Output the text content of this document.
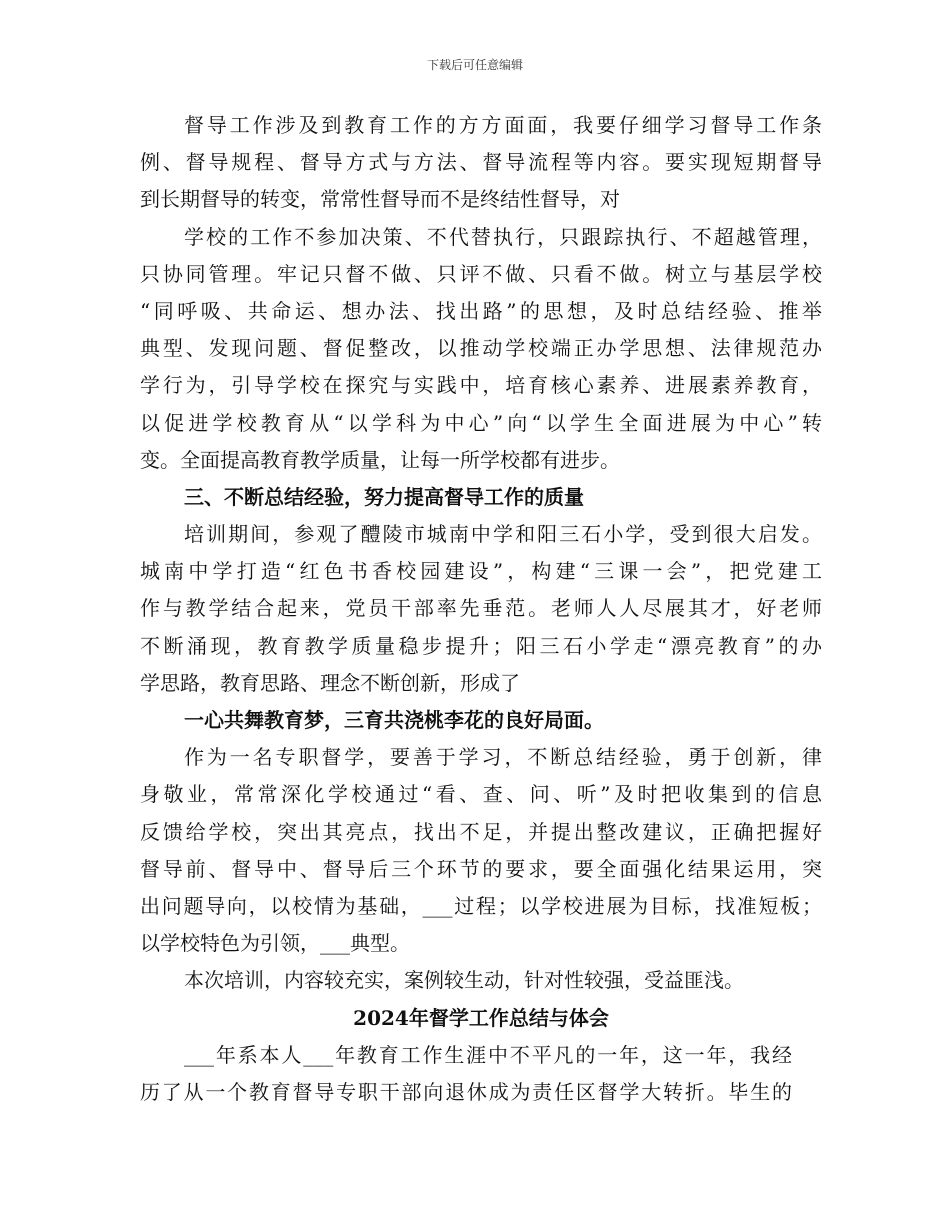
下载后可任意编辑
督导工作涉及到教育工作的方方面面，我要仔细学习督导工作条
例、督导规程、督导方式与方法、督导流程等内容。要实现短期督导
到长期督导的转变，常常性督导而不是终结性督导，对
学校的工作不参加决策、不代替执行，只跟踪执行、不超越管理，
只协同管理。牢记只督不做、只评不做、只看不做。树立与基层学校
“同呼吸、共命运、想办法、找出路”的思想，及时总结经验、推举
典型、发现问题、督促整改，以推动学校端正办学思想、法律规范办
学行为，引导学校在探究与实践中，培育核心素养、进展素养教育，
以促进学校教育从“以学科为中心”向“以学生全面进展为中心”转
变。全面提高教育教学质量，让每一所学校都有进步。
三、不断总结经验，努力提高督导工作的质量
培训期间，参观了醴陵市城南中学和阳三石小学，受到很大启发。
城南中学打造“红色书香校园建设”，构建“三课一会”，把党建工
作与教学结合起来，党员干部率先垂范。老师人人尽展其才，好老师
不断涌现，教育教学质量稳步提升；阳三石小学走“漂亮教育”的办
学思路，教育思路、理念不断创新，形成了
一心共舞教育梦，三育共浇桃李花的良好局面。
作为一名专职督学，要善于学习，不断总结经验，勇于创新，律
身敬业，常常深化学校通过“看、查、问、听”及时把收集到的信息
反馈给学校，突出其亮点，找出不足，并提出整改建议，正确把握好
督导前、督导中、督导后三个环节的要求，要全面强化结果运用，突
出问题导向，以校情为基础，___过程；以学校进展为目标，找准短板；
以学校特色为引领，___典型。
本次培训，内容较充实，案例较生动，针对性较强，受益匪浅。
2024年督学工作总结与体会
___年系本人___年教育工作生涯中不平凡的一年，这一年，我经
历了从一个教育督导专职干部向退休成为责任区督学大转折。毕生的
